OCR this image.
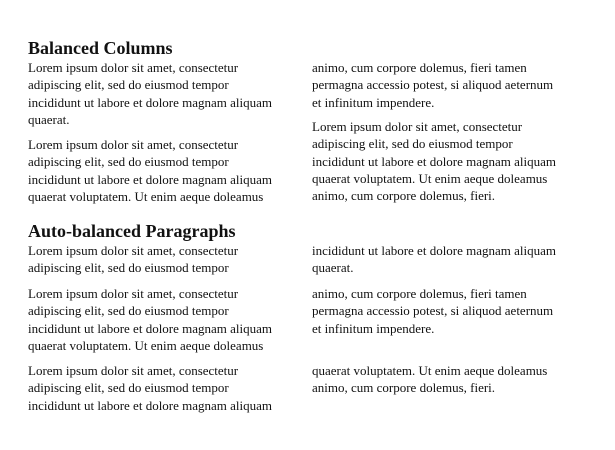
Balanced Columns

Lorem ipsum dolor sit amet, consectetur
adipiscing elit, sed do eiusmod tempor
incididunt ut labore et dolore magnam aliquam
quaerat.

Lorem ipsum dolor sit amet, consectetur
adipiscing elit, sed do eiusmod tempor
incididunt ut labore et dolore magnam aliquam
quaerat voluptatem. Ut enim aeque doleamus

animo, cum corpore dolemus, fieri tamen
permagna accessio potest, si aliquod aeternum
et infinitum impendere.

Lorem ipsum dolor sit amet, consectetur
adipiscing elit, sed do eiusmod tempor
incididunt ut labore et dolore magnam aliquam
quaerat voluptatem. Ut enim aeque doleamus
animo, cum corpore dolemus, fieri.

Auto-balanced Paragraphs

Lorem ipsum dolor sit amet, consectetur
adipiscing elit, sed do eiusmod tempor

incididunt ut labore et dolore magnam aliquam
quaerat.

Lorem ipsum dolor sit amet, consectetur
adipiscing elit, sed do eiusmod tempor
incididunt ut labore et dolore magnam aliquam
quaerat voluptatem. Ut enim aeque doleamus

animo, cum corpore dolemus, fieri tamen
permagna accessio potest, si aliquod aeternum
et infinitum impendere.

Lorem ipsum dolor sit amet, consectetur
adipiscing elit, sed do eiusmod tempor
incididunt ut labore et dolore magnam aliquam

quaerat voluptatem. Ut enim aeque doleamus
animo, cum corpore dolemus, fieri.
